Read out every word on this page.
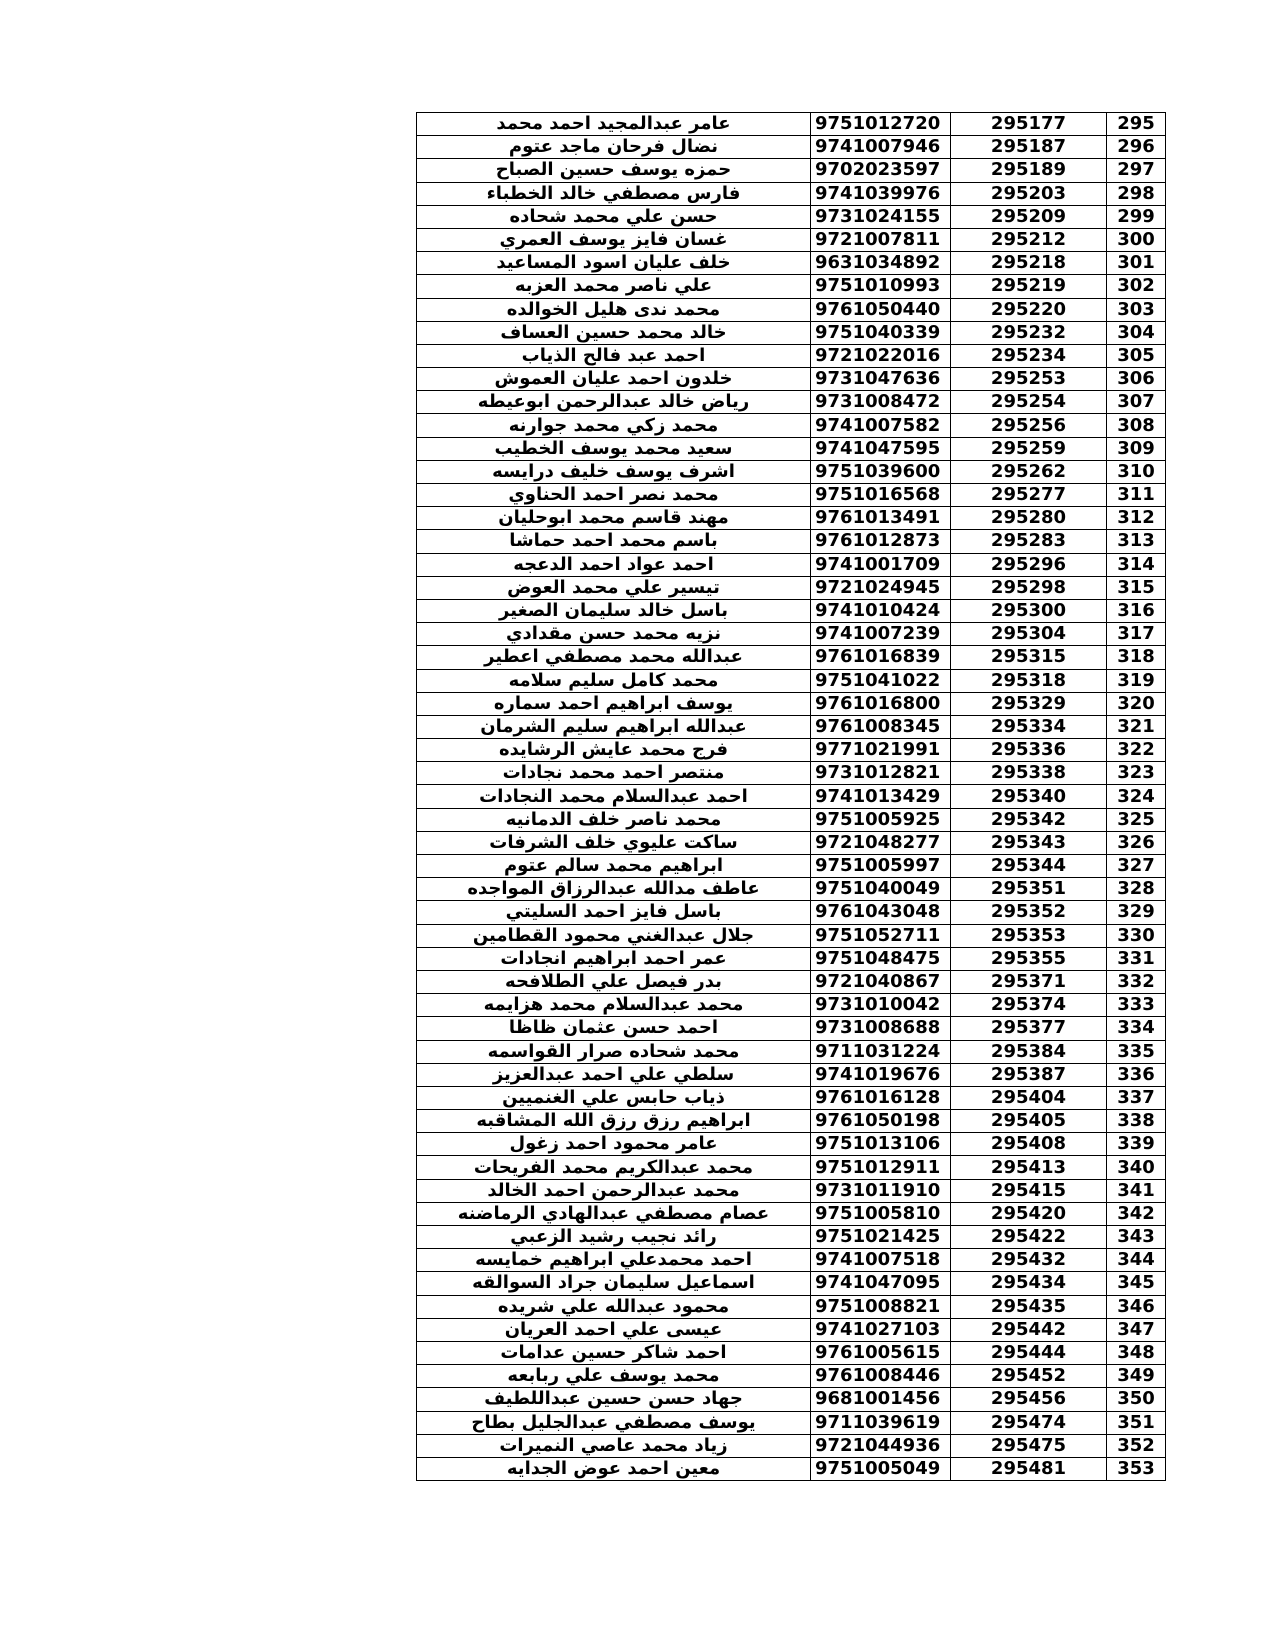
عامر عبدالمجيد احمد محمد	9751012720	295177	295
نضال فرحان ماجد عتوم	9741007946	295187	296
حمزه يوسف حسين الصباح	9702023597	295189	297
فارس مصطفي خالد الخطباء	9741039976	295203	298
حسن علي محمد شحاده	9731024155	295209	299
غسان فايز يوسف العمري	9721007811	295212	300
خلف عليان اسود المساعيد	9631034892	295218	301
علي ناصر محمد العزبه	9751010993	295219	302
محمد ندى هليل الخوالده	9761050440	295220	303
خالد محمد حسين العساف	9751040339	295232	304
احمد عبد فالح الذياب	9721022016	295234	305
خلدون احمد عليان العموش	9731047636	295253	306
رياض خالد عبدالرحمن ابوعيطه	9731008472	295254	307
محمد زكي محمد جوارنه	9741007582	295256	308
سعيد محمد يوسف الخطيب	9741047595	295259	309
اشرف يوسف خليف درايسه	9751039600	295262	310
محمد نصر احمد الحناوي	9751016568	295277	311
مهند قاسم محمد ابوحليان	9761013491	295280	312
باسم محمد احمد حماشا	9761012873	295283	313
احمد عواد احمد الدعجه	9741001709	295296	314
تيسير علي محمد العوض	9721024945	295298	315
باسل خالد سليمان الصغير	9741010424	295300	316
نزيه محمد حسن مقدادي	9741007239	295304	317
عبدالله محمد مصطفي اعطير	9761016839	295315	318
محمد كامل سليم سلامه	9751041022	295318	319
يوسف ابراهيم احمد سماره	9761016800	295329	320
عبدالله ابراهيم سليم الشرمان	9761008345	295334	321
فرج محمد عايش الرشايده	9771021991	295336	322
منتصر احمد محمد نجادات	9731012821	295338	323
احمد عبدالسلام محمد النجادات	9741013429	295340	324
محمد ناصر خلف الدمانيه	9751005925	295342	325
ساكت عليوي خلف الشرفات	9721048277	295343	326
ابراهيم محمد سالم عتوم	9751005997	295344	327
عاطف مدالله عبدالرزاق المواجده	9751040049	295351	328
باسل فايز احمد السليتي	9761043048	295352	329
جلال عبدالغني محمود القطامين	9751052711	295353	330
عمر احمد ابراهيم انجادات	9751048475	295355	331
بدر فيصل علي الطلافحه	9721040867	295371	332
محمد عبدالسلام محمد هزايمه	9731010042	295374	333
احمد حسن عثمان ظاظا	9731008688	295377	334
محمد شحاده صرار القواسمه	9711031224	295384	335
سلطي علي احمد عبدالعزيز	9741019676	295387	336
ذياب حابس علي الغنميين	9761016128	295404	337
ابراهيم رزق رزق الله المشاقبه	9761050198	295405	338
عامر محمود احمد زغول	9751013106	295408	339
محمد عبدالكريم محمد الفريحات	9751012911	295413	340
محمد عبدالرحمن احمد الخالد	9731011910	295415	341
عصام مصطفي عبدالهادي الرماضنه	9751005810	295420	342
رائد نجيب رشيد الزعبي	9751021425	295422	343
احمد محمدعلي ابراهيم خمايسه	9741007518	295432	344
اسماعيل سليمان جراد السوالقه	9741047095	295434	345
محمود عبدالله علي شريده	9751008821	295435	346
عيسى علي احمد العريان	9741027103	295442	347
احمد شاكر حسين عدامات	9761005615	295444	348
محمد يوسف علي ربابعه	9761008446	295452	349
جهاد حسن حسين عبداللطيف	9681001456	295456	350
يوسف مصطفي عبدالجليل بطاح	9711039619	295474	351
زياد محمد عاصي النميرات	9721044936	295475	352
معين احمد عوض الجدايه	9751005049	295481	353
